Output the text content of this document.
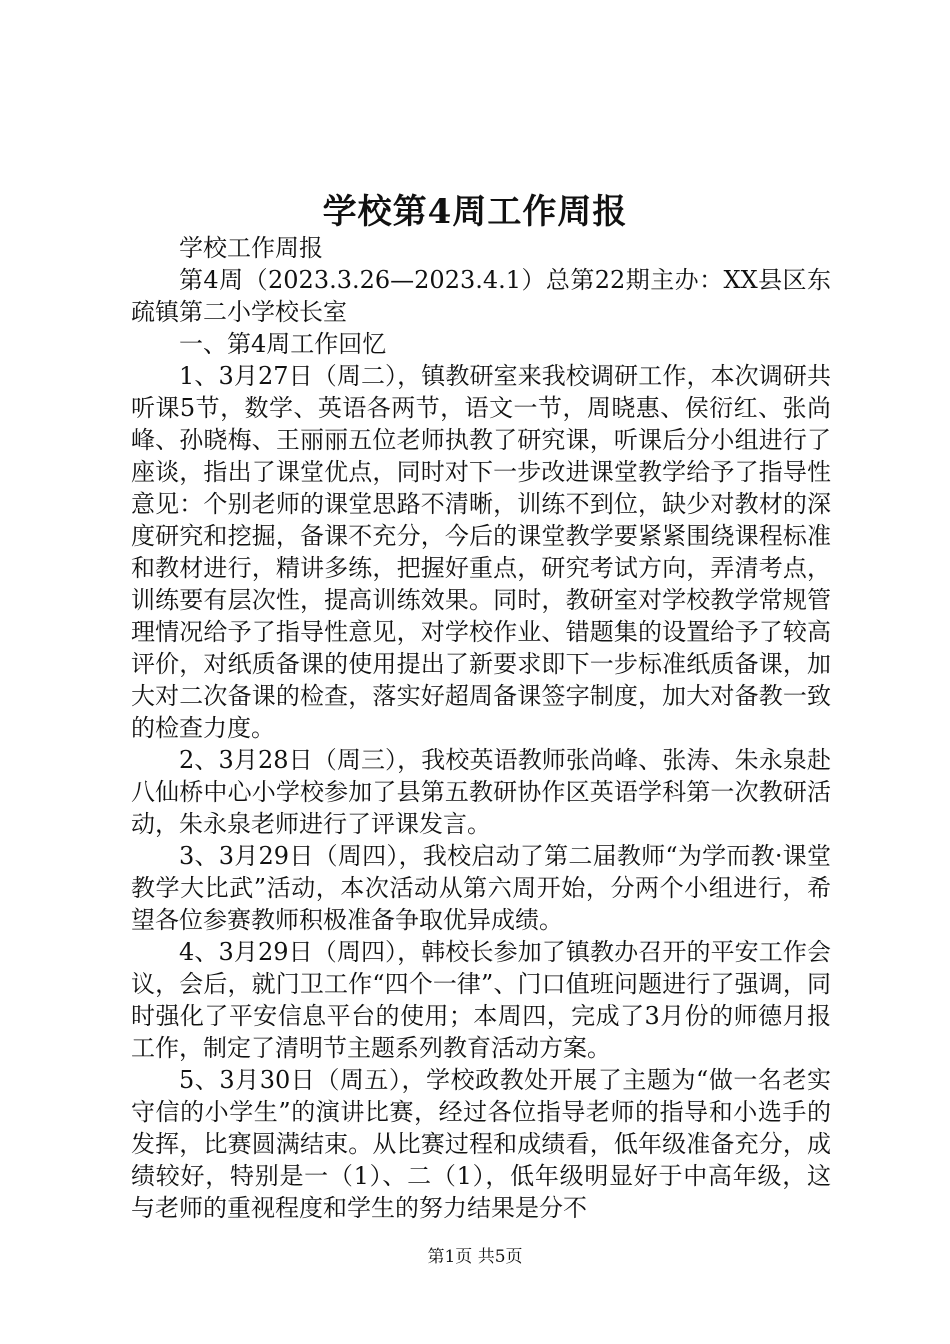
学校第4周工作周报

学校工作周报

第4周（2023.3.26—2023.4.1）总第22期主办：XX县区东疏镇第二小学校长室

一、第4周工作回忆

1、3月27日（周二），镇教研室来我校调研工作，本次调研共听课5节，数学、英语各两节，语文一节，周晓惠、侯衍红、张尚峰、孙晓梅、王丽丽五位老师执教了研究课，听课后分小组进行了座谈，指出了课堂优点，同时对下一步改进课堂教学给予了指导性意见：个别老师的课堂思路不清晰，训练不到位，缺少对教材的深度研究和挖掘，备课不充分，今后的课堂教学要紧紧围绕课程标准和教材进行，精讲多练，把握好重点，研究考试方向，弄清考点，训练要有层次性，提高训练效果。同时，教研室对学校教学常规管理情况给予了指导性意见，对学校作业、错题集的设置给予了较高评价，对纸质备课的使用提出了新要求即下一步标准纸质备课，加大对二次备课的检查，落实好超周备课签字制度，加大对备教一致的检查力度。

2、3月28日（周三），我校英语教师张尚峰、张涛、朱永泉赴八仙桥中心小学校参加了县第五教研协作区英语学科第一次教研活动，朱永泉老师进行了评课发言。

3、3月29日（周四），我校启动了第二届教师“为学而教·课堂教学大比武”活动，本次活动从第六周开始，分两个小组进行，希望各位参赛教师积极准备争取优异成绩。

4、3月29日（周四），韩校长参加了镇教办召开的平安工作会议，会后，就门卫工作“四个一律”、门口值班问题进行了强调，同时强化了平安信息平台的使用；本周四，完成了3月份的师德月报工作，制定了清明节主题系列教育活动方案。

5、3月30日（周五），学校政教处开展了主题为“做一名老实守信的小学生”的演讲比赛，经过各位指导老师的指导和小选手的发挥，比赛圆满结束。从比赛过程和成绩看，低年级准备充分，成绩较好，特别是一（1）、二（1），低年级明显好于中高年级，这与老师的重视程度和学生的努力结果是分不

第1页 共5页
